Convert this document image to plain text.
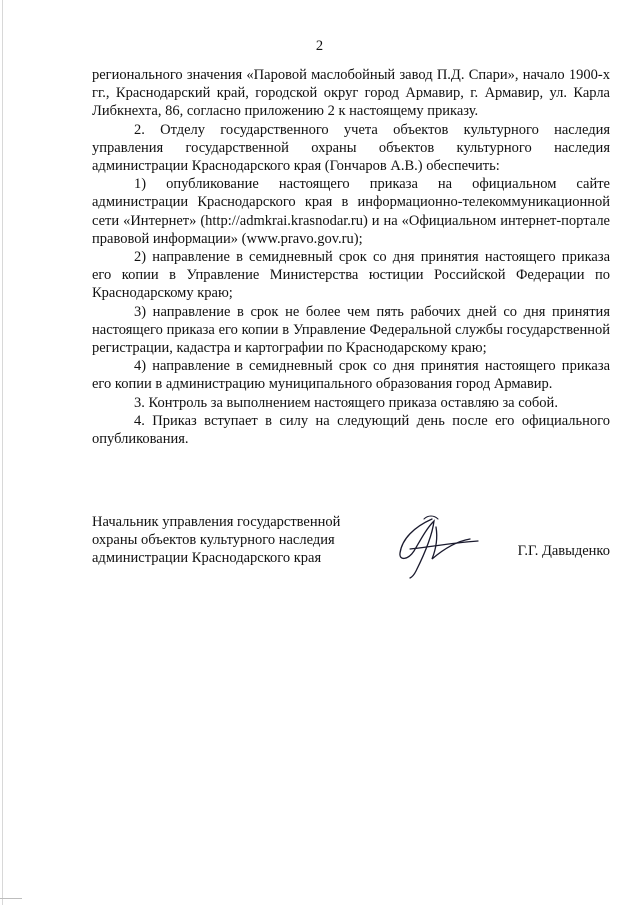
2

регионального значения «Паровой маслобойный завод П.Д. Спари», начало 1900-х гг., Краснодарский край, городской округ город Армавир, г. Армавир, ул. Карла Либкнехта, 86, согласно приложению 2 к настоящему приказу.

2. Отделу государственного учета объектов культурного наследия управления государственной охраны объектов культурного наследия администрации Краснодарского края (Гончаров А.В.) обеспечить:

1) опубликование настоящего приказа на официальном сайте администрации Краснодарского края в информационно-телекоммуникационной сети «Интернет» (http://admkrai.krasnodar.ru) и на «Официальном интернет-портале правовой информации» (www.pravo.gov.ru);

2) направление в семидневный срок со дня принятия настоящего приказа его копии в Управление Министерства юстиции Российской Федерации по Краснодарскому краю;

3) направление в срок не более чем пять рабочих дней со дня принятия настоящего приказа его копии в Управление Федеральной службы государственной регистрации, кадастра и картографии по Краснодарскому краю;

4) направление в семидневный срок со дня принятия настоящего приказа его копии в администрацию муниципального образования город Армавир.

3. Контроль за выполнением настоящего приказа оставляю за собой.

4. Приказ вступает в силу на следующий день после его официального опубликования.

Начальник управления государственной
охраны объектов культурного наследия
администрации Краснодарского края	Г.Г. Давыденко
